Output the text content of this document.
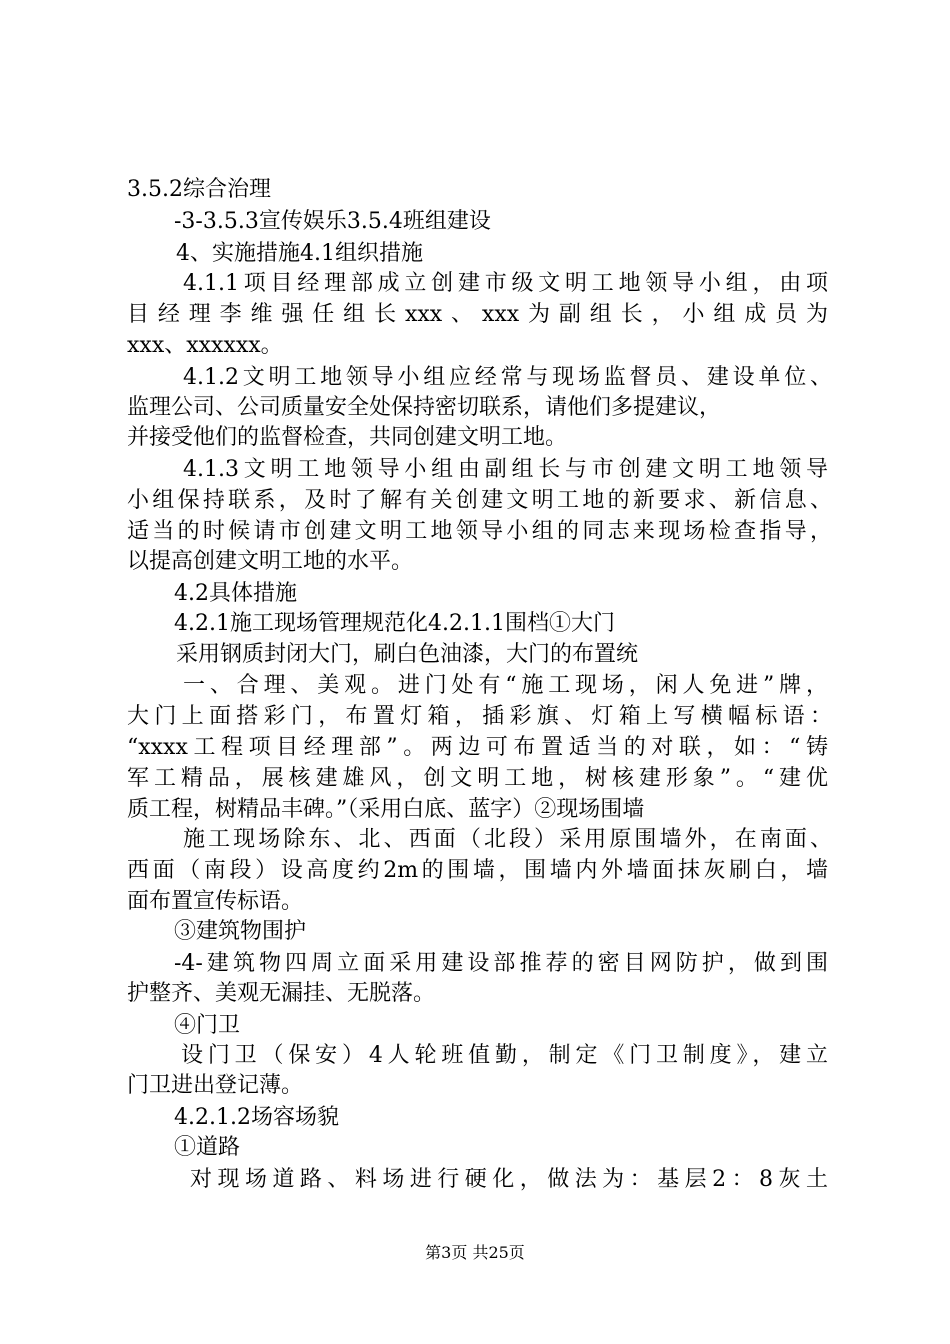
3.5.2综合治理
-3-3.5.3宣传娱乐3.5.4班组建设
4、实施措施4.1组织措施
4.1.1项目经理部成立创建市级文明工地领导小组，由项
目经理李维强任组长xxx、xxx为副组长，小组成员为
xxx、xxxxxx。
4.1.2文明工地领导小组应经常与现场监督员、建设单位、
监理公司、公司质量安全处保持密切联系，请他们多提建议，
并接受他们的监督检查，共同创建文明工地。
4.1.3文明工地领导小组由副组长与市创建文明工地领导
小组保持联系，及时了解有关创建文明工地的新要求、新信息、
适当的时候请市创建文明工地领导小组的同志来现场检查指导，
以提高创建文明工地的水平。
4.2具体措施
4.2.1施工现场管理规范化4.2.1.1围档①大门
采用钢质封闭大门，刷白色油漆，大门的布置统
一、合理、美观。进门处有“施工现场，闲人免进”牌，
大门上面搭彩门，布置灯箱，插彩旗、灯箱上写横幅标语：
“xxxx工程项目经理部”。两边可布置适当的对联，如：“铸
军工精品，展核建雄风，创文明工地，树核建形象”。“建优
质工程，树精品丰碑。”（采用白底、蓝字）②现场围墙
施工现场除东、北、西面（北段）采用原围墙外，在南面、
西面（南段）设高度约2m的围墙，围墙内外墙面抹灰刷白，墙
面布置宣传标语。
③建筑物围护
-4-建筑物四周立面采用建设部推荐的密目网防护，做到围
护整齐、美观无漏挂、无脱落。
④门卫
设门卫（保安）4人轮班值勤，制定《门卫制度》，建立
门卫进出登记薄。
4.2.1.2场容场貌
①道路
对现场道路、料场进行硬化，做法为：基层2：8灰土
第3页 共25页
